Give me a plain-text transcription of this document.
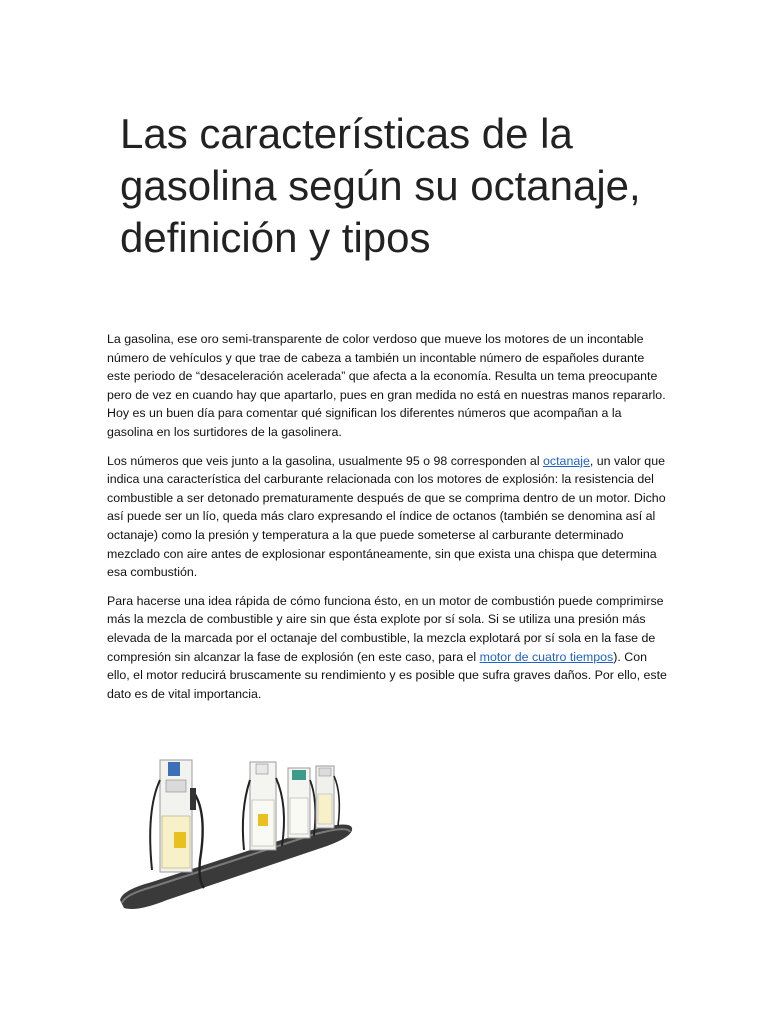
Las características de la gasolina según su octanaje, definición y tipos

La gasolina, ese oro semi-transparente de color verdoso que mueve los motores de un incontable número de vehículos y que trae de cabeza a también un incontable número de españoles durante este periodo de “desaceleración acelerada” que afecta a la economía. Resulta un tema preocupante pero de vez en cuando hay que apartarlo, pues en gran medida no está en nuestras manos repararlo. Hoy es un buen día para comentar qué significan los diferentes números que acompañan a la gasolina en los surtidores de la gasolinera.

Los números que veis junto a la gasolina, usualmente 95 o 98 corresponden al octanaje, un valor que indica una característica del carburante relacionada con los motores de explosión: la resistencia del combustible a ser detonado prematuramente después de que se comprima dentro de un motor. Dicho así puede ser un lío, queda más claro expresando el índice de octanos (también se denomina así al octanaje) como la presión y temperatura a la que puede someterse al carburante determinado mezclado con aire antes de explosionar espontáneamente, sin que exista una chispa que determina esa combustión.

Para hacerse una idea rápida de cómo funciona ésto, en un motor de combustión puede comprimirse más la mezcla de combustible y aire sin que ésta explote por sí sola. Si se utiliza una presión más elevada de la marcada por el octanaje del combustible, la mezcla explotará por sí sola en la fase de compresión sin alcanzar la fase de explosión (en este caso, para el motor de cuatro tiempos). Con ello, el motor reducirá bruscamente su rendimiento y es posible que sufra graves daños. Por ello, este dato es de vital importancia.
